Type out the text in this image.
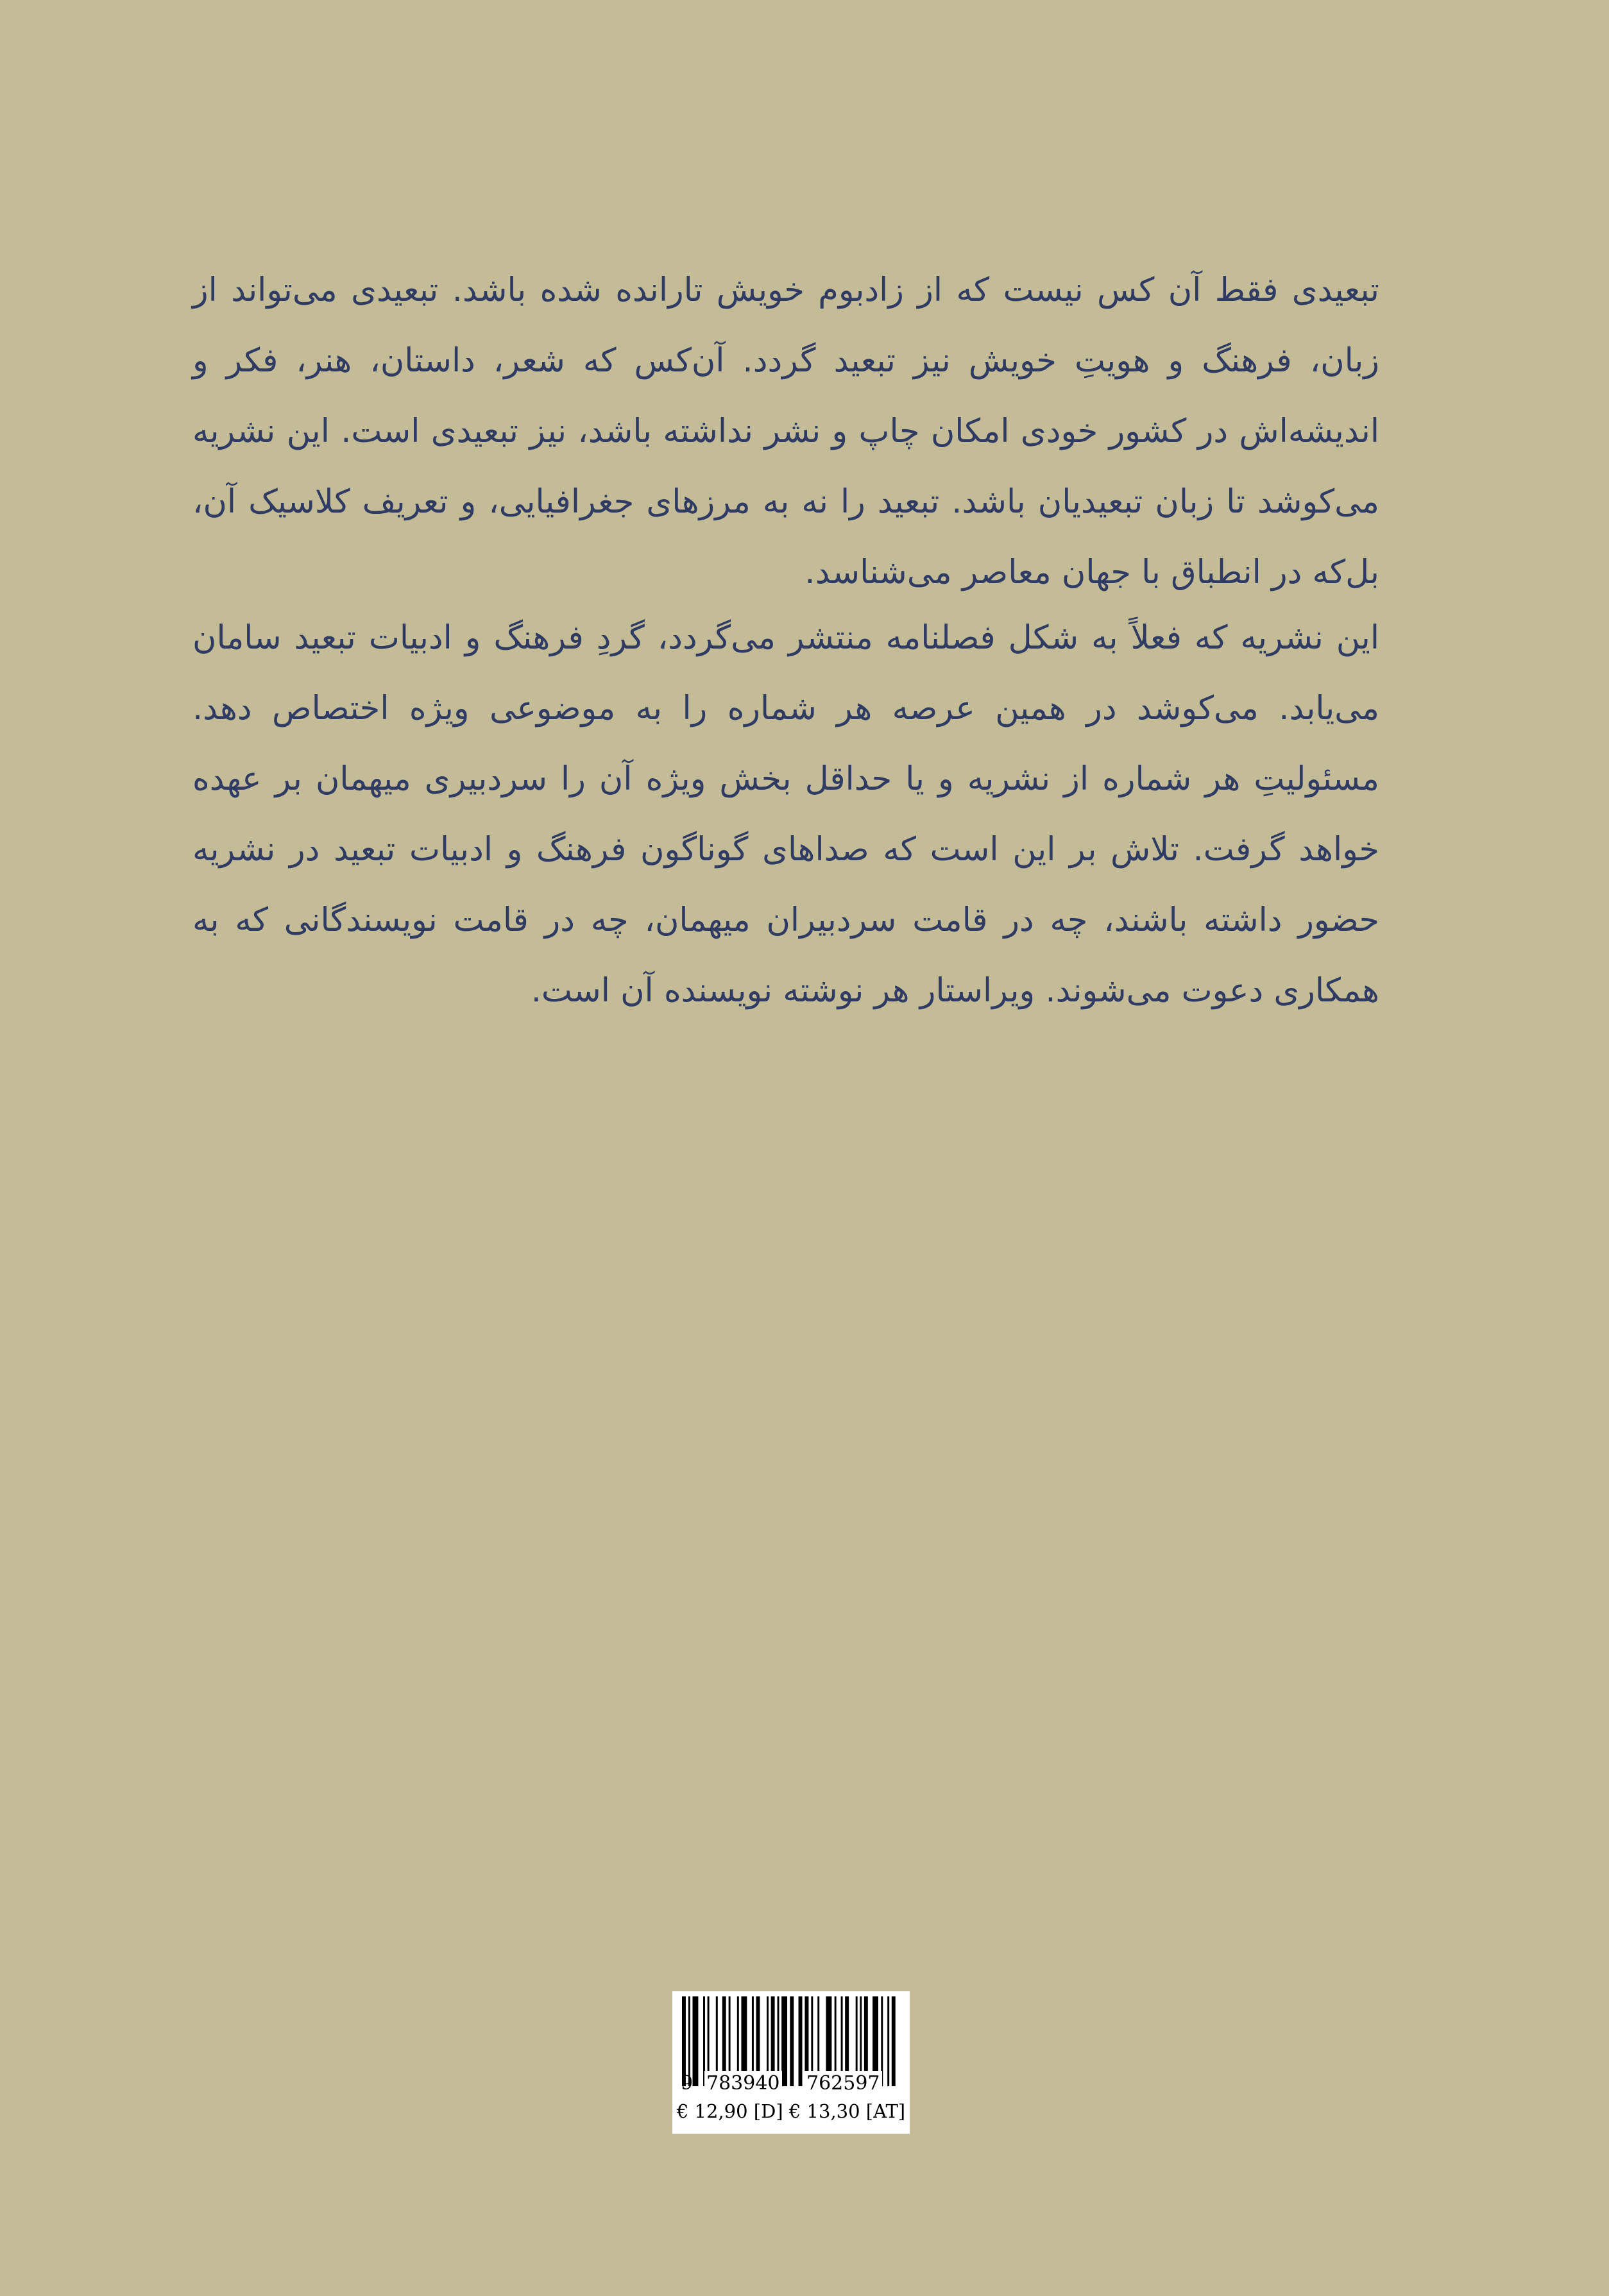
تبعیدی فقط آن کس نیست که از زادبوم خویش تارانده شده باشد. تبعیدی می‌تواند از زبان، فرهنگ و هویتِ خویش نیز تبعید گردد. آن‌کس که شعر، داستان، هنر، فکر و اندیشه‌اش در کشور خودی امکان چاپ و نشر نداشته باشد، نیز تبعیدی است. این نشریه می‌کوشد تا زبان تبعیدیان باشد. تبعید را نه به مرزهای جغرافیایی، و تعریف کلاسیک آن، بل‌که در انطباق با جهان معاصر می‌شناسد.

این نشریه که فعلاً به شکل فصلنامه منتشر می‌گردد، گردِ فرهنگ و ادبیات تبعید سامان می‌یابد. می‌کوشد در همین عرصه هر شماره را به موضوعی ویژه اختصاص دهد. مسئولیتِ هر شماره از نشریه و یا حداقل بخش ویژه آن را سردبیری میهمان بر عهده خواهد گرفت. تلاش بر این است که صداهای گوناگون فرهنگ و ادبیات تبعید در نشریه حضور داشته باشند، چه در قامت سردبیران میهمان، چه در قامت نویسندگانی که به همکاری دعوت می‌شوند. ویراستار هر نوشته نویسنده آن است.

9 783940 762597
€ 12,90 [D] € 13,30 [AT]
